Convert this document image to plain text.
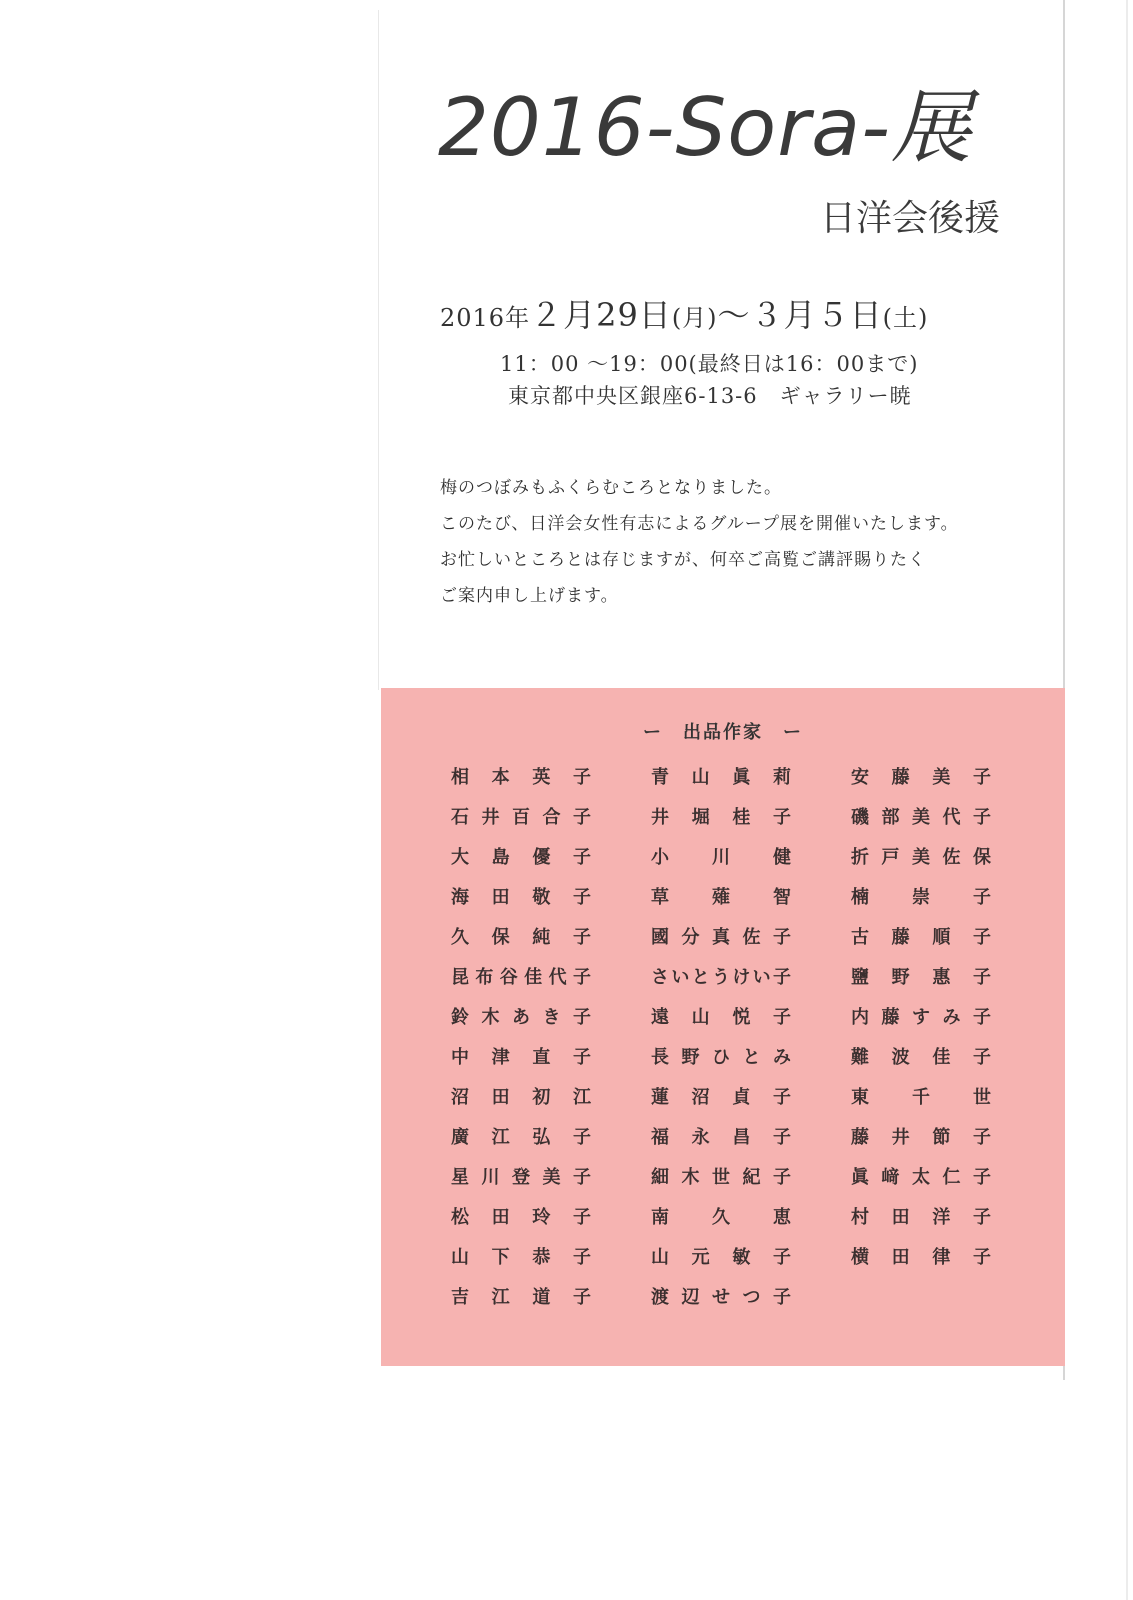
2016-Sora-展
日洋会後援
2016年２月29日(月)〜３月５日(土)
11：00 〜19：00(最終日は16：00まで)
東京都中央区銀座6-13-6　ギャラリー暁
梅のつぼみもふくらむころとなりました。
このたび、日洋会女性有志によるグループ展を開催いたします。
お忙しいところとは存じますが、何卒ご高覧ご講評賜りたく
ご案内申し上げます。
ー　出品作家　ー
相 本 英 子	青 山 眞 莉	安 藤 美 子
石 井 百 合 子	井 堀 桂 子	磯 部 美 代 子
大 島 優 子	小 川 健	折 戸 美 佐 保
海 田 敬 子	草 薙 智	楠 崇 子
久 保 純 子	國 分 真 佐 子	古 藤 順 子
昆 布 谷 佳 代 子	さ い と う け い 子	鹽 野 惠 子
鈴 木 あ き 子	遠 山 悦 子	内 藤 す み 子
中 津 直 子	長 野 ひ と み	難 波 佳 子
沼 田 初 江	蓮 沼 貞 子	東 千 世
廣 江 弘 子	福 永 昌 子	藤 井 節 子
星 川 登 美 子	細 木 世 紀 子	眞 﨑 太 仁 子
松 田 玲 子	南 久 恵	村 田 洋 子
山 下 恭 子	山 元 敏 子	横 田 律 子
吉 江 道 子	渡 辺 せ つ 子
